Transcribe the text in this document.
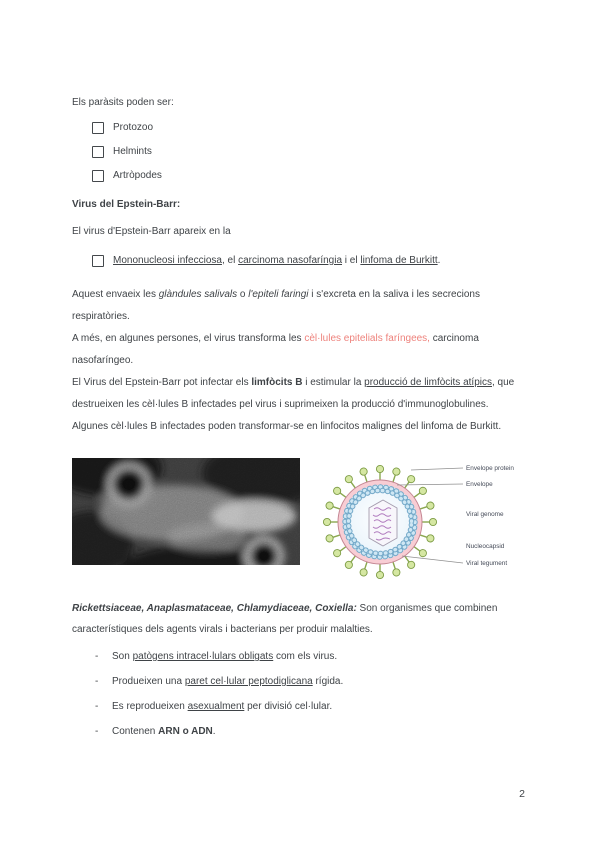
Els paràsits poden ser:

Protozoo
Helmints
Artròpodes

Virus del Epstein-Barr:

El virus d'Epstein-Barr apareix en la

Mononucleosi infecciosa, el carcinoma nasofaríngia i el linfoma de Burkitt.

Aquest envaeix les glàndules salivals o l'epiteli faringi i s'excreta en la saliva i les secrecions respiratòries.

A més, en algunes persones, el virus transforma les cèl·lules epitelials faríngees, carcinoma nasofaríngeo.

El Virus del Epstein-Barr pot infectar els limfòcits B i estimular la producció de limfòcits atípics, que destrueixen les cèl·lules B infectades pel virus i suprimeixen la producció d'immunoglobulines.

Algunes cèl·lules B infectades poden transformar-se en linfocitos malignes del linfoma de Burkitt.

Envelope protein
Envelope
Viral genome
Nucleocapsid
Viral tegument

Rickettsiaceae, Anaplasmataceae, Chlamydiaceae, Coxiella: Son organismes que combinen característiques dels agents virals i bacterians per produir malalties.

-	Son patògens intracel·lulars obligats com els virus.
-	Produeixen una paret cel·lular peptodiglicana rígida.
-	Es reprodueixen asexualment per divisió cel·lular.
-	Contenen ARN o ADN.
2
